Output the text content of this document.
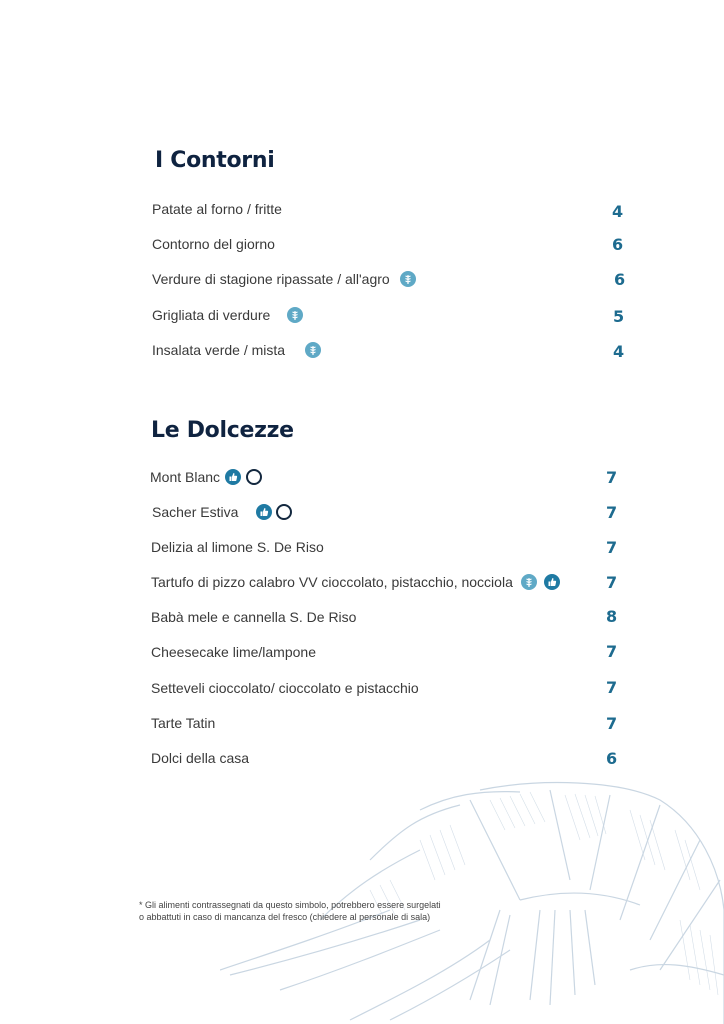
I Contorni
Patate al forno / fritte	4
Contorno del giorno	6
Verdure di stagione ripassate / all'agro	6
Grigliata di verdure	5
Insalata verde / mista	4
Le Dolcezze
Mont Blanc	7
Sacher Estiva	7
Delizia al limone S. De Riso	7
Tartufo di pizzo calabro VV cioccolato, pistacchio, nocciola	7
Babà mele e cannella S. De Riso	8
Cheesecake lime/lampone	7
Setteveli cioccolato/ cioccolato e pistacchio	7
Tarte Tatin	7
Dolci della casa	6
* Gli alimenti contrassegnati da questo simbolo, potrebbero essere surgelati
o abbattuti in caso di mancanza del fresco (chiedere al personale di sala)
